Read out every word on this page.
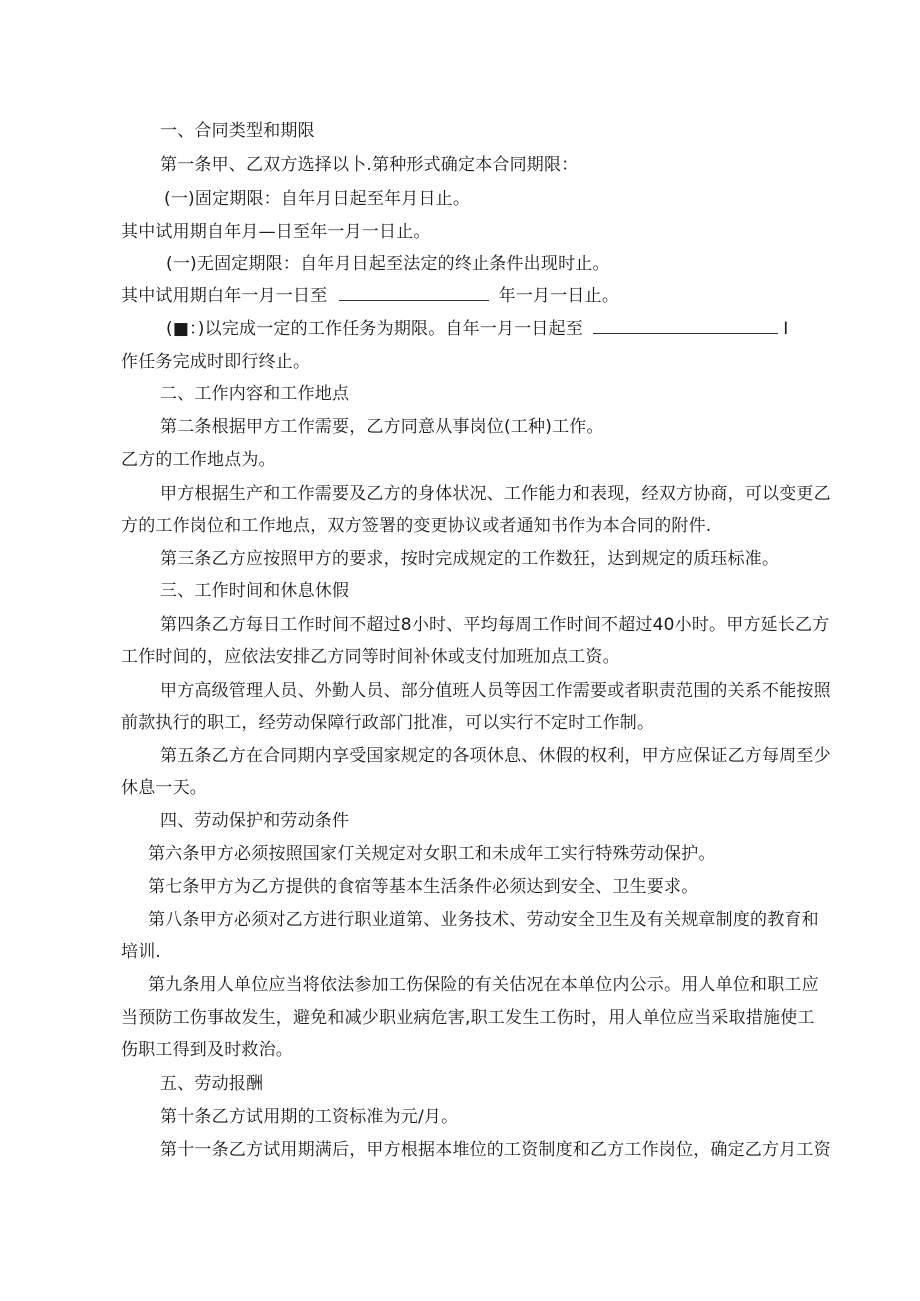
一、合同类型和期限
第一条甲、乙双方选择以卜.第种形式确定本合同期限：
(一)固定期限：自年月日起至年月日止。
其中试用期自年月—日至年一月一日止。
(一)无固定期限：自年月日起至法定的终止条件出现时止。
其中试用期白年一月一日至	年一月一日止。
(■：)以完成一定的工作任务为期限。自年一月一日起至	I
作任务完成时即行终止。
二、工作内容和工作地点
第二条根据甲方工作需要，乙方同意从事岗位(工种)工作。
乙方的工作地点为。
甲方根据生产和工作需要及乙方的身体状况、工作能力和表现，经双方协商，可以变更乙
方的工作岗位和工作地点，双方签署的变更协议或者通知书作为本合同的附件.
第三条乙方应按照甲方的要求，按时完成规定的工作数狂，达到规定的质珏标准。
三、工作时间和休息休假
第四条乙方每日工作时间不超过8小时、平均每周工作时间不超过40小时。甲方延长乙方
工作时间的，应依法安排乙方同等时间补休或支付加班加点工资。
甲方高级管理人员、外勤人员、部分值班人员等因工作需要或者职责范围的关系不能按照
前款执行的职工，经劳动保障行政部门批准，可以实行不定时工作制。
第五条乙方在合同期内享受国家规定的各项休息、休假的权利，甲方应保证乙方每周至少
休息一天。
四、劳动保护和劳动条件
第六条甲方必须按照国家仃关规定对女职工和未成年工实行特殊劳动保护。
第七条甲方为乙方提供的食宿等基本生活条件必须达到安全、卫生要求。
第八条甲方必须对乙方进行职业道第、业务技术、劳动安全卫生及有关规章制度的教育和
培训.
第九条用人单位应当将依法参加工伤保险的有关估况在本单位内公示。用人单位和职工应
当预防工伤事故发生，避免和减少职业病危害,职工发生工伤时，用人单位应当采取措施使工
伤职工得到及时救治。
五、劳动报酬
第十条乙方试用期的工资标准为元/月。
第十一条乙方试用期满后，甲方根据本堆位的工资制度和乙方工作岗位，确定乙方月工资
